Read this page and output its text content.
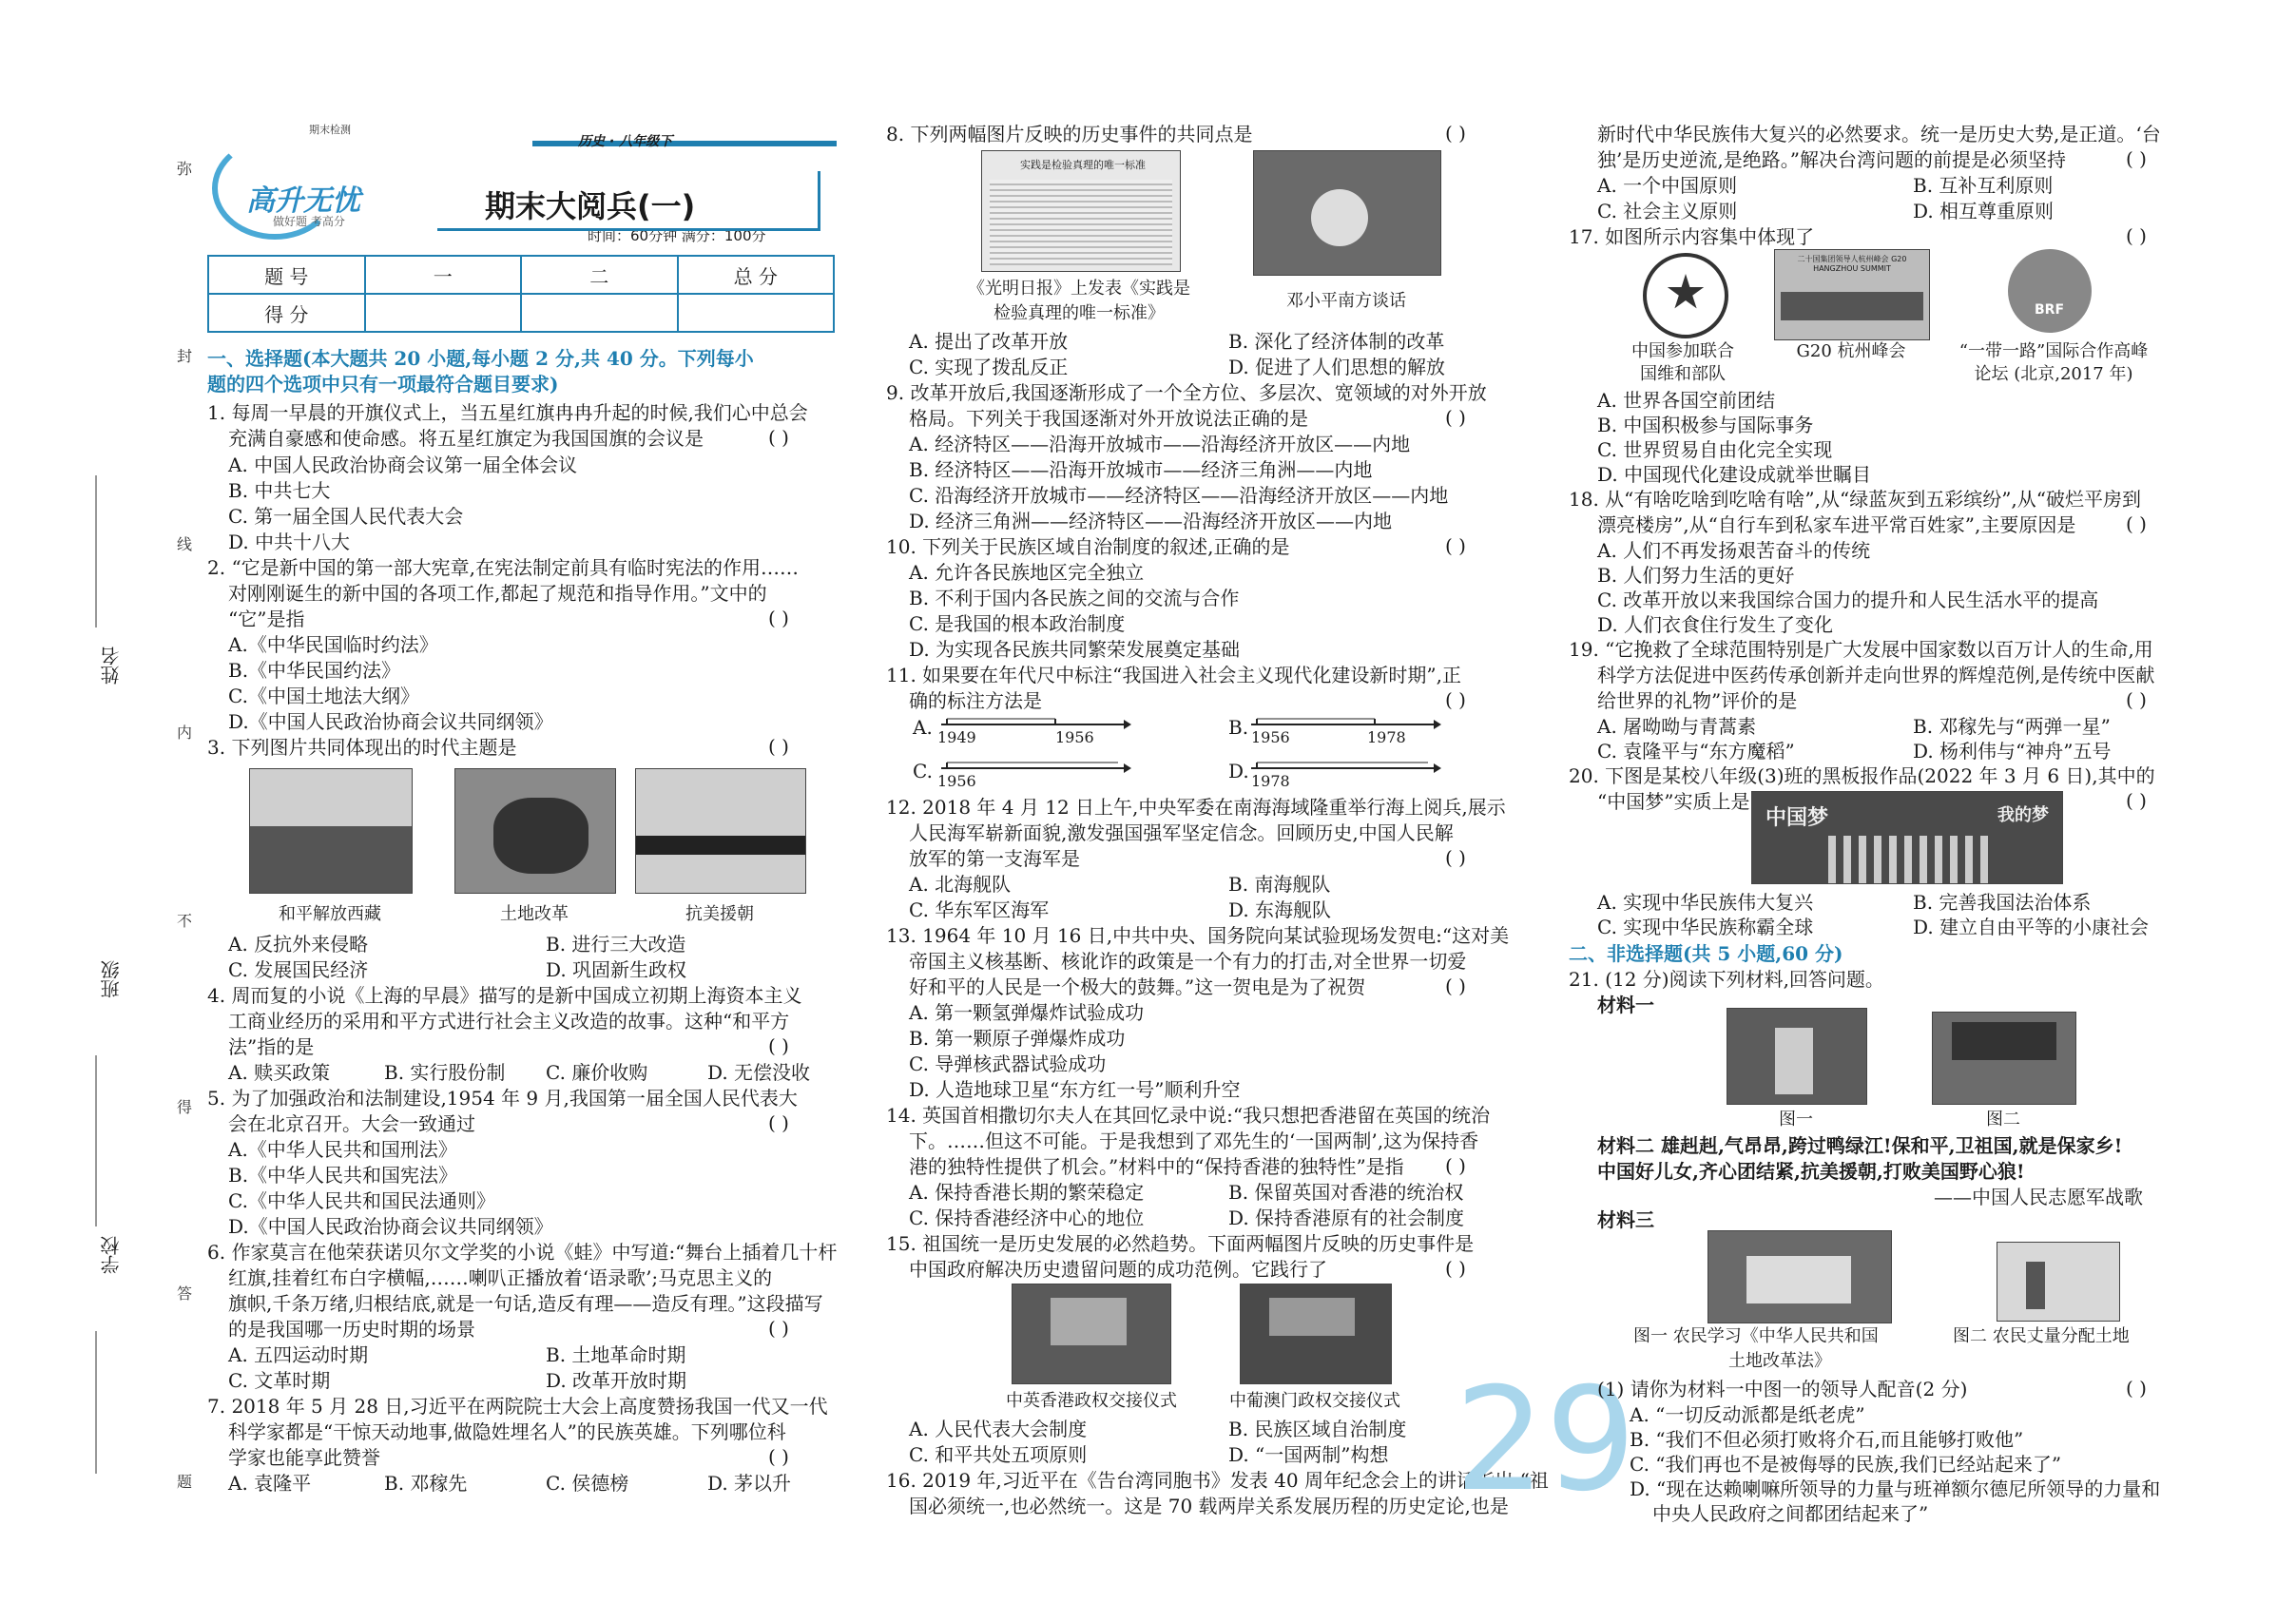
期末检测
高升无忧
做好题 考高分
历史 · 八年级下
期末大阅兵(一)
时间：60分钟 满分：100分
题 号	一	二	总 分
得 分			
弥
封
线
内
不
得
答
题
姓名
班级
学校
一、选择题(本大题共 20 小题,每小题 2 分,共 40 分。下列每小
题的四个选项中只有一项最符合题目要求)
1. 每周一早晨的开旗仪式上，当五星红旗冉冉升起的时候,我们心中总会
充满自豪感和使命感。将五星红旗定为我国国旗的会议是	( )
A. 中国人民政治协商会议第一届全体会议
B. 中共七大
C. 第一届全国人民代表大会
D. 中共十八大
2. “它是新中国的第一部大宪章,在宪法制定前具有临时宪法的作用……
对刚刚诞生的新中国的各项工作,都起了规范和指导作用。”文中的
“它”是指	( )
A.《中华民国临时约法》
B.《中华民国约法》
C.《中国土地法大纲》
D.《中国人民政治协商会议共同纲领》
3. 下列图片共同体现出的时代主题是	( )
和平解放西藏	土地改革	抗美援朝
A. 反抗外来侵略	B. 进行三大改造
C. 发展国民经济	D. 巩固新生政权
4. 周而复的小说《上海的早晨》描写的是新中国成立初期上海资本主义
工商业经历的采用和平方式进行社会主义改造的故事。这种“和平方
法”指的是	( )
A. 赎买政策	B. 实行股份制 C. 廉价收购	D. 无偿没收
5. 为了加强政治和法制建设,1954 年 9 月,我国第一届全国人民代表大
会在北京召开。大会一致通过	( )
A.《中华人民共和国刑法》
B.《中华人民共和国宪法》
C.《中华人民共和国民法通则》
D.《中国人民政治协商会议共同纲领》
6. 作家莫言在他荣获诺贝尔文学奖的小说《蛙》中写道:“舞台上插着几十杆
红旗,挂着红布白字横幅,……喇叭正播放着‘语录歌’;马克思主义的
旗帜,千条万绪,归根结底,就是一句话,造反有理——造反有理。”这段描写
的是我国哪一历史时期的场景	( )
A. 五四运动时期	B. 土地革命时期
C. 文革时期	D. 改革开放时期
7. 2018 年 5 月 28 日,习近平在两院院士大会上高度赞扬我国一代又一代
科学家都是“干惊天动地事,做隐姓埋名人”的民族英雄。下列哪位科
学家也能享此赞誉	( )
A. 袁隆平	B. 邓稼先	C. 侯德榜	D. 茅以升
8. 下列两幅图片反映的历史事件的共同点是	( )
实践是检验真理的唯一标准
《光明日报》上发表《实践是
检验真理的唯一标准》
邓小平南方谈话
A. 提出了改革开放	B. 深化了经济体制的改革
C. 实现了拨乱反正	D. 促进了人们思想的解放
9. 改革开放后,我国逐渐形成了一个全方位、多层次、宽领域的对外开放
格局。下列关于我国逐渐对外开放说法正确的是	( )
A. 经济特区——沿海开放城市——沿海经济开放区——内地
B. 经济特区——沿海开放城市——经济三角洲——内地
C. 沿海经济开放城市——经济特区——沿海经济开放区——内地
D. 经济三角洲——经济特区——沿海经济开放区——内地
10. 下列关于民族区域自治制度的叙述,正确的是	( )
A. 允许各民族地区完全独立
B. 不利于国内各民族之间的交流与合作
C. 是我国的根本政治制度
D. 为实现各民族共同繁荣发展奠定基础
11. 如果要在年代尺中标注“我国进入社会主义现代化建设新时期”,正
确的标注方法是	( )
A. 1949	1956	B. 1956	1978
C. 1956	D. 1978
12. 2018 年 4 月 12 日上午,中央军委在南海海域隆重举行海上阅兵,展示
人民海军崭新面貌,激发强国强军坚定信念。回顾历史,中国人民解
放军的第一支海军是	( )
A. 北海舰队	B. 南海舰队
C. 华东军区海军	D. 东海舰队
13. 1964 年 10 月 16 日,中共中央、国务院向某试验现场发贺电:“这对美
帝国主义核基断、核讹诈的政策是一个有力的打击,对全世界一切爱
好和平的人民是一个极大的鼓舞。”这一贺电是为了祝贺	( )
A. 第一颗氢弹爆炸试验成功
B. 第一颗原子弹爆炸成功
C. 导弹核武器试验成功
D. 人造地球卫星“东方红一号”顺利升空
14. 英国首相撒切尔夫人在其回忆录中说:“我只想把香港留在英国的统治
下。……但这不可能。于是我想到了邓先生的‘一国两制’,这为保持香
港的独特性提供了机会。”材料中的“保持香港的独特性”是指 ( )
A. 保持香港长期的繁荣稳定	B. 保留英国对香港的统治权
C. 保持香港经济中心的地位	D. 保持香港原有的社会制度
15. 祖国统一是历史发展的必然趋势。下面两幅图片反映的历史事件是
中国政府解决历史遗留问题的成功范例。它践行了	( )
中英香港政权交接仪式	中葡澳门政权交接仪式
A. 人民代表大会制度	B. 民族区域自治制度
C. 和平共处五项原则	D. “一国两制”构想
16. 2019 年,习近平在《告台湾同胞书》发表 40 周年纪念会上的讲话指出:“祖
国必须统一,也必然统一。这是 70 载两岸关系发展历程的历史定论,也是
29
新时代中华民族伟大复兴的必然要求。统一是历史大势,是正道。‘台
独’是历史逆流,是绝路。”解决台湾问题的前提是必须坚持	( )
A. 一个中国原则	B. 互补互利原则
C. 社会主义原则	D. 相互尊重原则
17. 如图所示内容集中体现了	( )
二十国集团领导人杭州峰会 G20 HANGZHOU SUMMIT
BRF
中国参加联合
国维和部队
G20 杭州峰会	“一带一路”国际合作高峰
论坛 (北京,2017 年)
A. 世界各国空前团结
B. 中国积极参与国际事务
C. 世界贸易自由化完全实现
D. 中国现代化建设成就举世瞩目
18. 从“有啥吃啥到吃啥有啥”,从“绿蓝灰到五彩缤纷”,从“破烂平房到
漂亮楼房”,从“自行车到私家车进平常百姓家”,主要原因是	( )
A. 人们不再发扬艰苦奋斗的传统
B. 人们努力生活的更好
C. 改革开放以来我国综合国力的提升和人民生活水平的提高
D. 人们衣食住行发生了变化
19. “它挽救了全球范围特别是广大发展中国家数以百万计人的生命,用
科学方法促进中医药传承创新并走向世界的辉煌范例,是传统中医献
给世界的礼物”评价的是	( )
A. 屠呦呦与青蒿素	B. 邓稼先与“两弹一星”
C. 袁隆平与“东方魔稻”	D. 杨利伟与“神舟”五号
20. 下图是某校八年级(3)班的黑板报作品(2022 年 3 月 6 日),其中的
“中国梦”实质上是	( )
中国梦	我的梦
A. 实现中华民族伟大复兴	B. 完善我国法治体系
C. 实现中华民族称霸全球	D. 建立自由平等的小康社会
二、非选择题(共 5 小题,60 分)
21. (12 分)阅读下列材料,回答问题。
材料一
图一	图二
材料二 雄赳赳,气昂昂,跨过鸭绿江!保和平,卫祖国,就是保家乡!
中国好儿女,齐心团结紧,抗美援朝,打败美国野心狼!
——中国人民志愿军战歌
材料三
图一 农民学习《中华人民共和国
土地改革法》
图二 农民丈量分配土地
(1) 请你为材料一中图一的领导人配音(2 分)	( )
A. “一切反动派都是纸老虎”
B. “我们不但必须打败将介石,而且能够打败他”
C. “我们再也不是被侮辱的民族,我们已经站起来了”
D. “现在达赖喇嘛所领导的力量与班禅额尔德尼所领导的力量和
中央人民政府之间都团结起来了”
